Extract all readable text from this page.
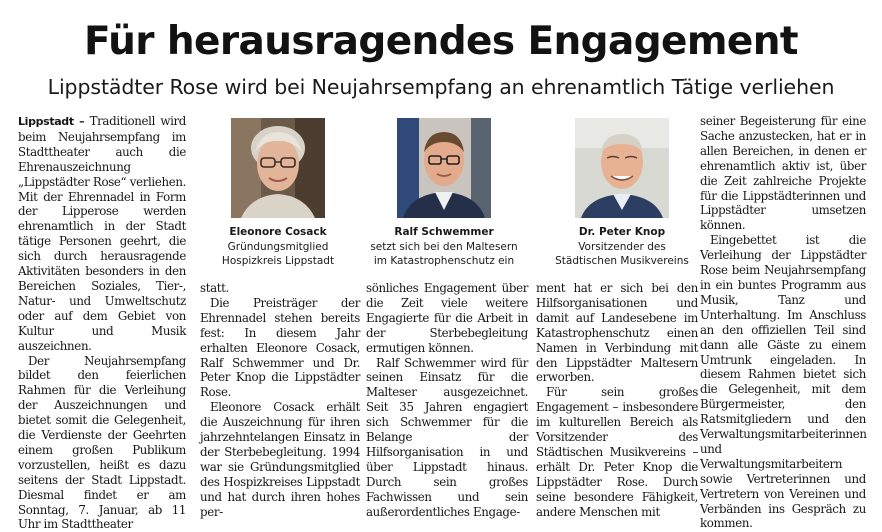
Für herausragendes Engagement
Lippstädter Rose wird bei Neujahrsempfang an ehrenamtlich Tätige verliehen

Lippstadt – Traditionell wird beim Neujahrsempfang im Stadttheater auch die Ehrenauszeichnung „Lippstädter Rose“ verliehen. Mit der Ehrennadel in Form der Lipperose werden ehrenamtlich in der Stadt tätige Personen geehrt, die sich durch herausragende Aktivitäten besonders in den Bereichen Soziales, Tier-, Natur- und Umweltschutz oder auf dem Gebiet von Kultur und Musik auszeichnen.

Der Neujahrsempfang bildet den feierlichen Rahmen für die Verleihung der Auszeichnungen und bietet somit die Gelegenheit, die Verdienste der Geehrten einem großen Publikum vorzustellen, heißt es dazu seitens der Stadt Lippstadt. Diesmal findet er am Sonntag, 7. Januar, ab 11 Uhr im Stadttheater

statt.

Die Preisträger der Ehrennadel stehen bereits fest: In diesem Jahr erhalten Eleonore Cosack, Ralf Schwemmer und Dr. Peter Knop die Lippstädter Rose.

Eleonore Cosack erhält die Auszeichnung für ihren jahrzehntelangen Einsatz in der Sterbebegleitung. 1994 war sie Gründungsmitglied des Hospizkreises Lippstadt und hat durch ihren hohes per-

sönliches Engagement über die Zeit viele weitere Engagierte für die Arbeit in der Sterbebegleitung ermutigen können.

Ralf Schwemmer wird für seinen Einsatz für die Malteser ausgezeichnet. Seit 35 Jahren engagiert sich Schwemmer für die Belange der Hilfsorganisation in und über Lippstadt hinaus. Durch sein großes Fachwissen und sein außerordentliches Engage-

ment hat er sich bei den Hilfsorganisationen und damit auf Landesebene im Katastrophenschutz einen Namen in Verbindung mit den Lippstädter Maltesern erworben.

Für sein großes Engagement – insbesondere im kulturellen Bereich als Vorsitzender des Städtischen Musikvereins – erhält Dr. Peter Knop die Lippstädter Rose. Durch seine besondere Fähigkeit, andere Menschen mit

seiner Begeisterung für eine Sache anzustecken, hat er in allen Bereichen, in denen er ehrenamtlich aktiv ist, über die Zeit zahlreiche Projekte für die Lippstädterinnen und Lippstädter umsetzen können.

Eingebettet ist die Verleihung der Lippstädter Rose beim Neujahrsempfang in ein buntes Programm aus Musik, Tanz und Unterhaltung. Im Anschluss an den offiziellen Teil sind dann alle Gäste zu einem Umtrunk eingeladen. In diesem Rahmen bietet sich die Gelegenheit, mit dem Bürgermeister, den Ratsmitgliedern und den Verwaltungsmitarbeiterinnen und Verwaltungsmitarbeitern sowie Vertreterinnen und Vertretern von Vereinen und Verbänden ins Gespräch zu kommen.

Eleonore Cosack
Gründungsmitglied
Hospizkreis Lippstadt
Ralf Schwemmer
setzt sich bei den Maltesern
im Katastrophenschutz ein
Dr. Peter Knop
Vorsitzender des
Städtischen Musikvereins
